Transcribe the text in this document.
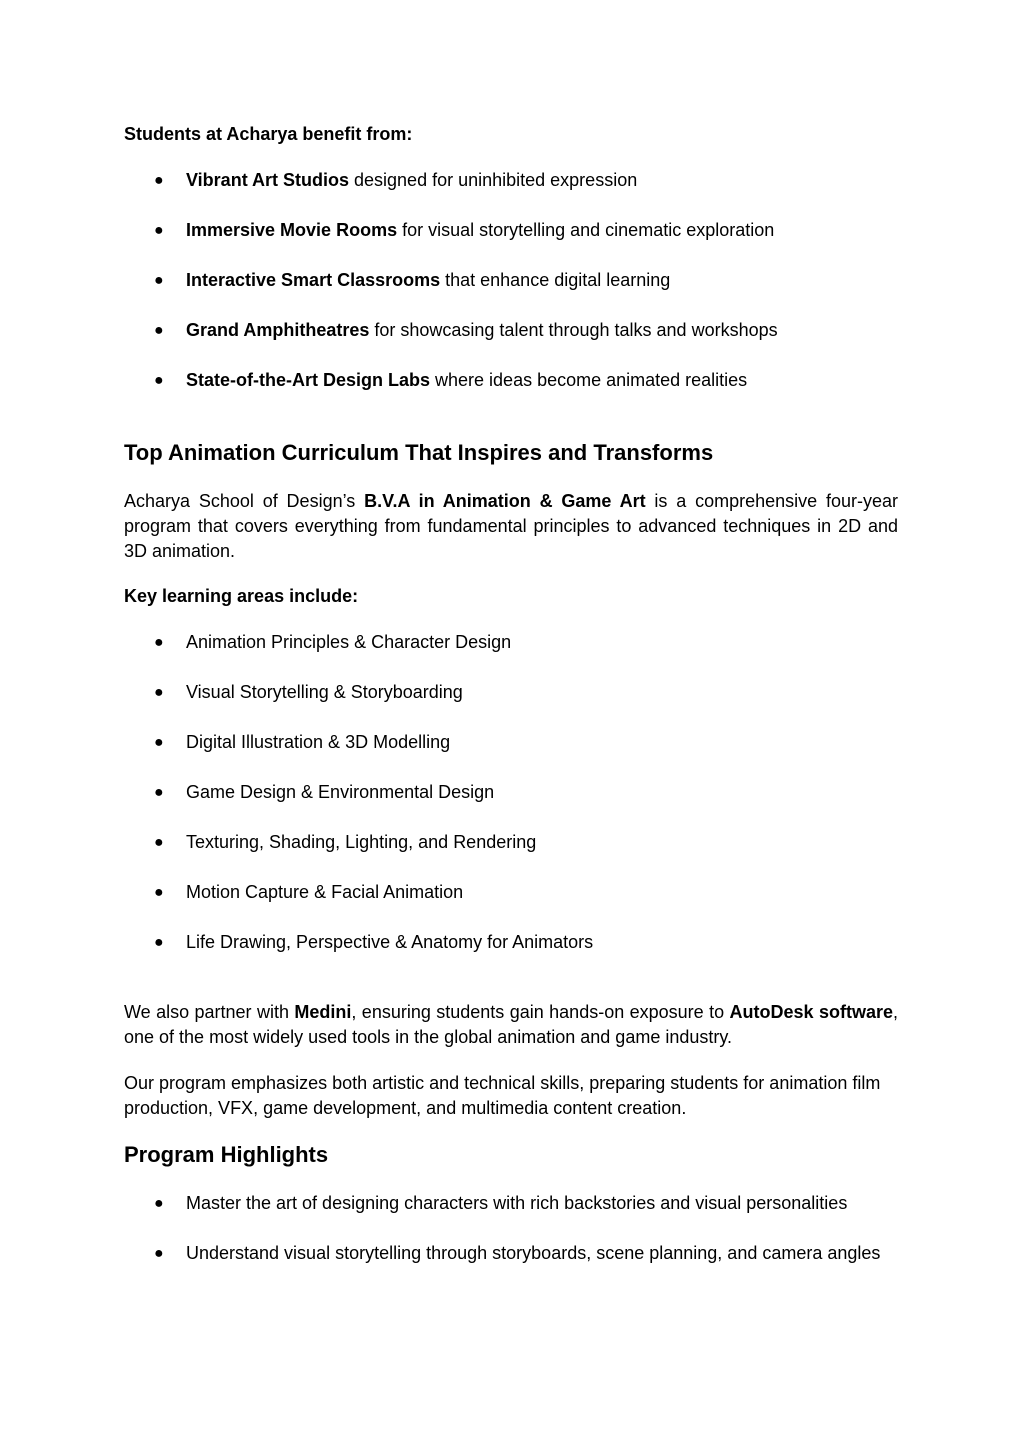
Students at Acharya benefit from:

● Vibrant Art Studios designed for uninhibited expression
● Immersive Movie Rooms for visual storytelling and cinematic exploration
● Interactive Smart Classrooms that enhance digital learning
● Grand Amphitheatres for showcasing talent through talks and workshops
● State-of-the-Art Design Labs where ideas become animated realities
Top Animation Curriculum That Inspires and Transforms

Acharya School of Design’s B.V.A in Animation & Game Art is a comprehensive four-year program that covers everything from fundamental principles to advanced techniques in 2D and 3D animation.

Key learning areas include:

● Animation Principles & Character Design
● Visual Storytelling & Storyboarding
● Digital Illustration & 3D Modelling
● Game Design & Environmental Design
● Texturing, Shading, Lighting, and Rendering
● Motion Capture & Facial Animation
● Life Drawing, Perspective & Anatomy for Animators

We also partner with Medini, ensuring students gain hands-on exposure to AutoDesk software, one of the most widely used tools in the global animation and game industry.

Our program emphasizes both artistic and technical skills, preparing students for animation film production, VFX, game development, and multimedia content creation.

Program Highlights
● Master the art of designing characters with rich backstories and visual personalities
● Understand visual storytelling through storyboards, scene planning, and camera angles
